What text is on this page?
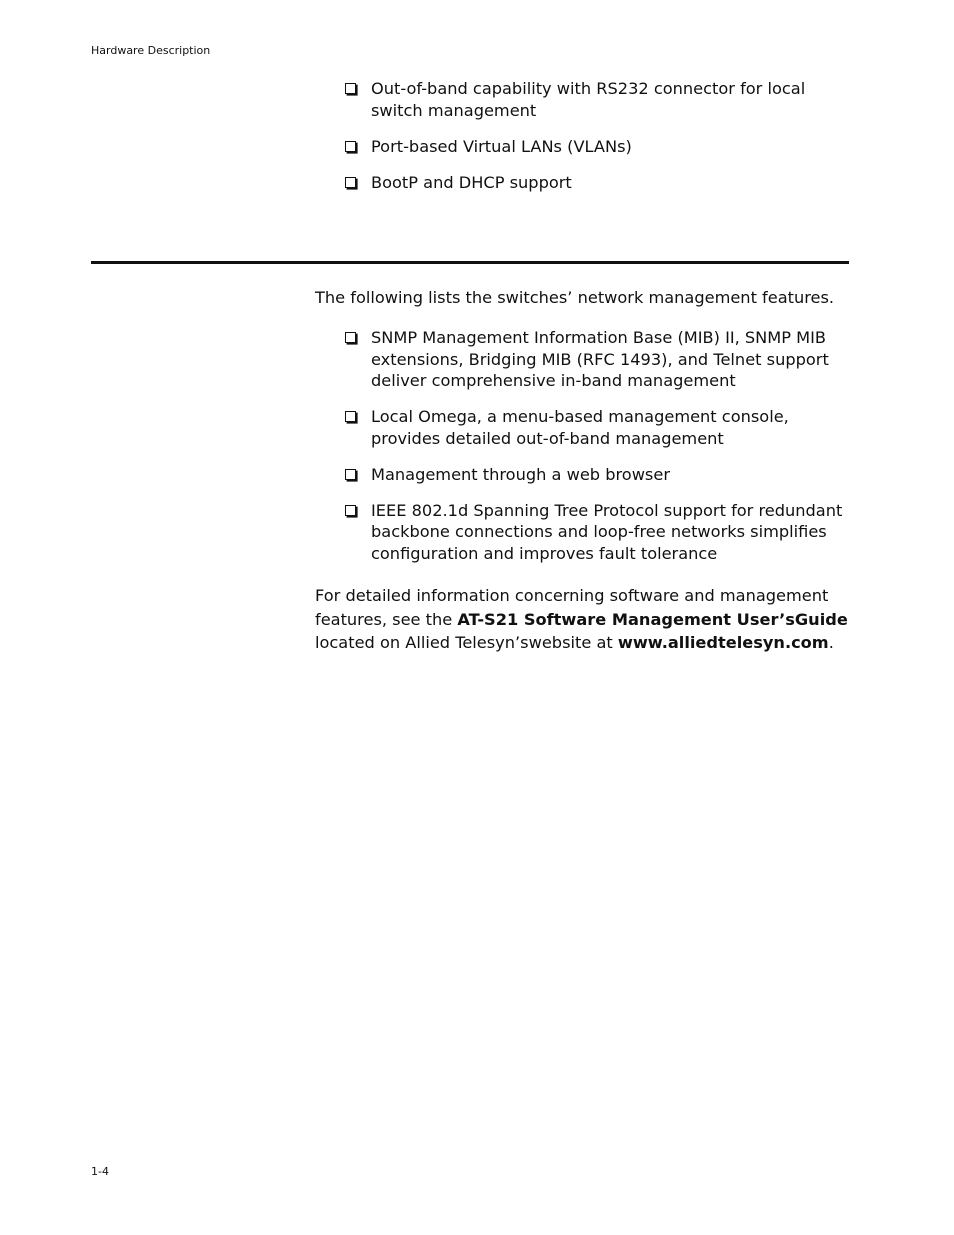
Hardware Description
Out-of-band capability with RS232 connector for local switch management
Port-based Virtual LANs (VLANs)
BootP and DHCP support

The following lists the switches’ network management features.

SNMP Management Information Base (MIB) II, SNMP MIB extensions, Bridging MIB (RFC 1493), and Telnet support deliver comprehensive in-band management
Local Omega, a menu-based management console, provides detailed out-of-band management
Management through a web browser
IEEE 802.1d Spanning Tree Protocol support for redundant backbone connections and loop-free networks simplifies configuration and improves fault tolerance

For detailed information concerning software and management features, see the AT-S21 Software Management User’sGuide located on Allied Telesyn’swebsite at www.alliedtelesyn.com.

1-4
